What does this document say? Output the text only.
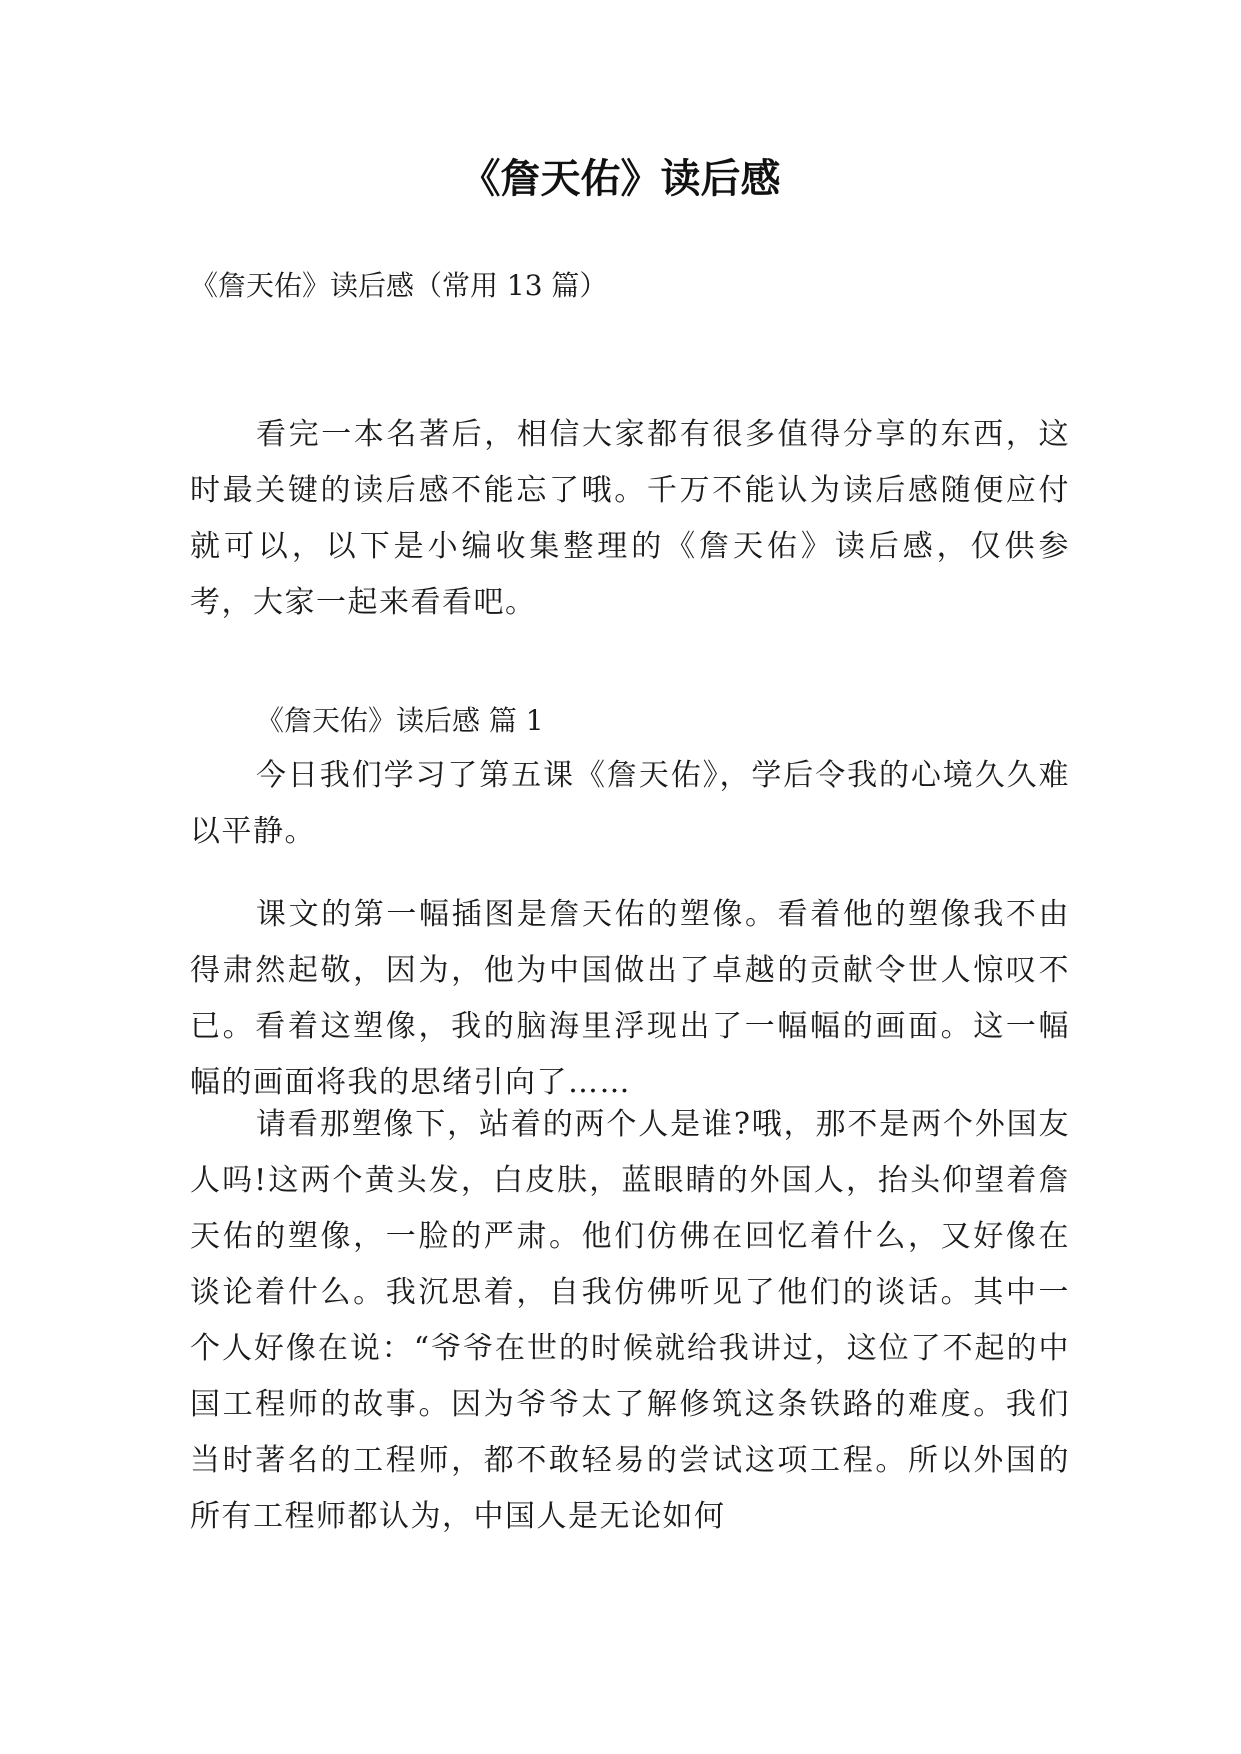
《詹天佑》读后感

《詹天佑》读后感（常用 13 篇）

看完一本名著后，相信大家都有很多值得分享的东西，这时最关键的读后感不能忘了哦。千万不能认为读后感随便应付就可以，以下是小编收集整理的《詹天佑》读后感，仅供参考，大家一起来看看吧。

《詹天佑》读后感 篇 1

今日我们学习了第五课《詹天佑》，学后令我的心境久久难以平静。

课文的第一幅插图是詹天佑的塑像。看着他的塑像我不由得肃然起敬，因为，他为中国做出了卓越的贡献令世人惊叹不已。看着这塑像，我的脑海里浮现出了一幅幅的画面。这一幅幅的画面将我的思绪引向了……

请看那塑像下，站着的两个人是谁?哦，那不是两个外国友人吗!这两个黄头发，白皮肤，蓝眼睛的外国人，抬头仰望着詹天佑的塑像，一脸的严肃。他们仿佛在回忆着什么，又好像在谈论着什么。我沉思着，自我仿佛听见了他们的谈话。其中一个人好像在说：“爷爷在世的时候就给我讲过，这位了不起的中国工程师的故事。因为爷爷太了解修筑这条铁路的难度。我们当时著名的工程师，都不敢轻易的尝试这项工程。所以外国的所有工程师都认为，中国人是无论如何
